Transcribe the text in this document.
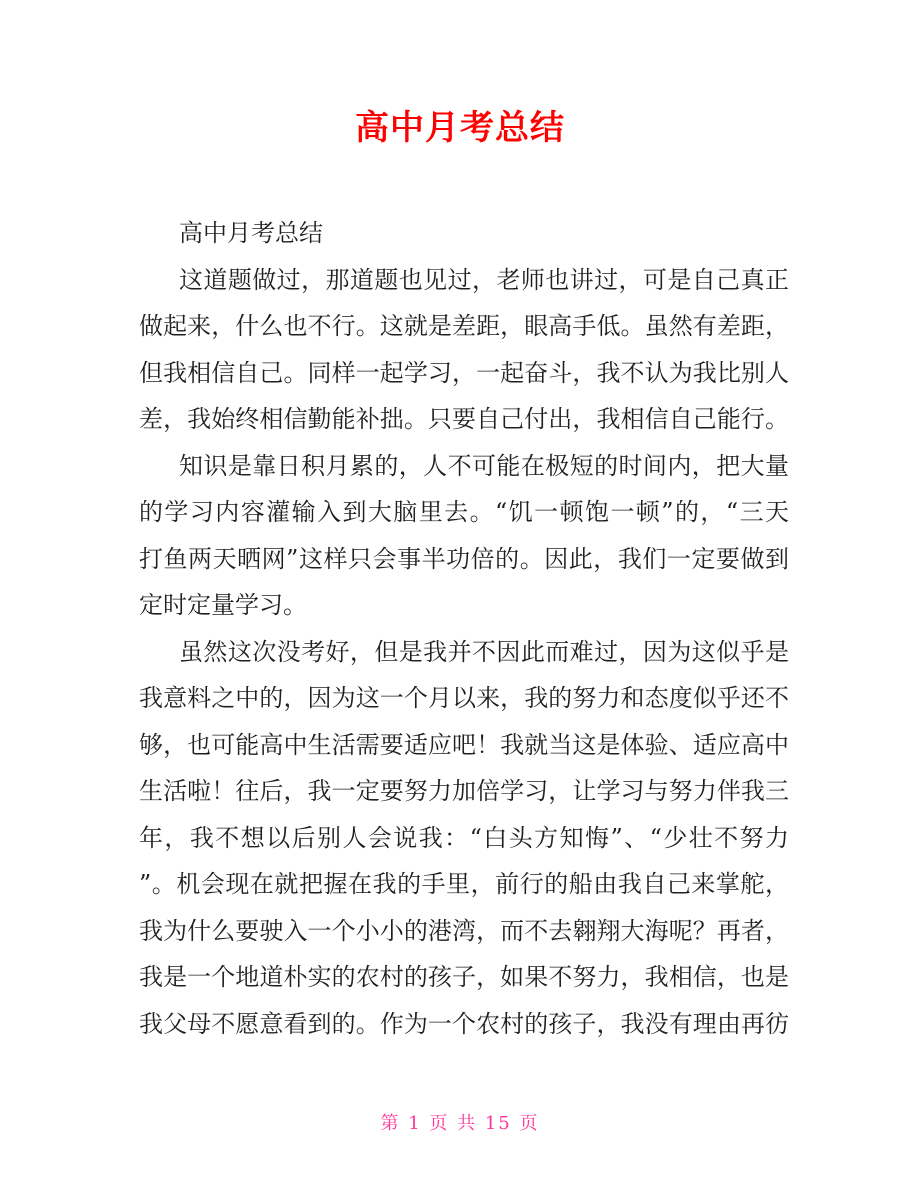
高中月考总结
高中月考总结
这道题做过，那道题也见过，老师也讲过，可是自己真正
做起来，什么也不行。这就是差距，眼高手低。虽然有差距，
但我相信自己。同样一起学习，一起奋斗，我不认为我比别人
差，我始终相信勤能补拙。只要自己付出，我相信自己能行。
知识是靠日积月累的，人不可能在极短的时间内，把大量
的学习内容灌输入到大脑里去。“饥一顿饱一顿”的，“三天
打鱼两天晒网”这样只会事半功倍的。因此，我们一定要做到
定时定量学习。
虽然这次没考好，但是我并不因此而难过，因为这似乎是
我意料之中的，因为这一个月以来，我的努力和态度似乎还不
够，也可能高中生活需要适应吧！我就当这是体验、适应高中
生活啦！往后，我一定要努力加倍学习，让学习与努力伴我三
年，我不想以后别人会说我：“白头方知悔”、“少壮不努力
”。机会现在就把握在我的手里，前行的船由我自己来掌舵，
我为什么要驶入一个小小的港湾，而不去翱翔大海呢？再者，
我是一个地道朴实的农村的孩子，如果不努力，我相信，也是
我父母不愿意看到的。作为一个农村的孩子，我没有理由再彷
第 1 页 共 15 页
